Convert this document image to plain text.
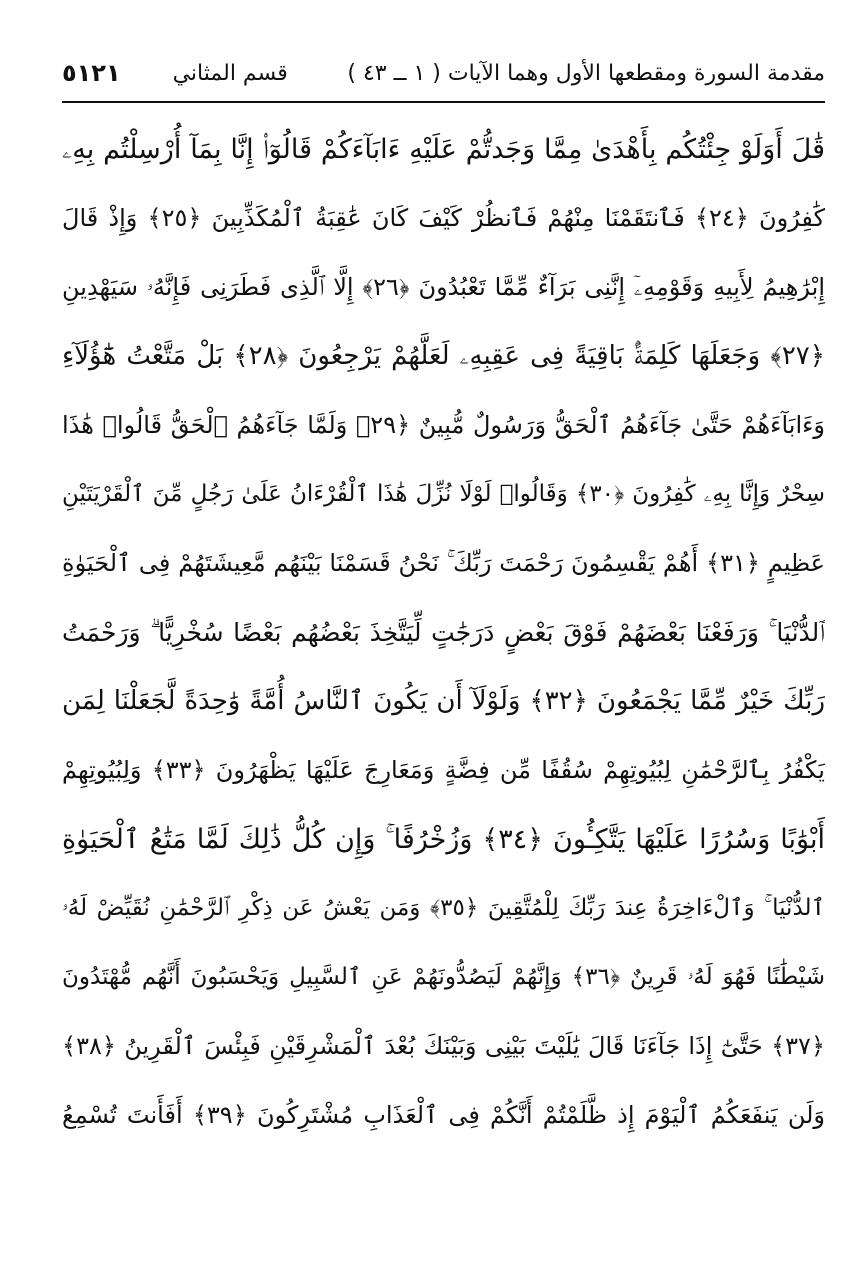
مقدمة السورة ومقطعها الأول وهما الآيات ( ١ ــ ٤٣ )
قسم المثاني
٥١٢١
قَٰلَ أَوَلَوْ جِئْتُكُم بِأَهْدَىٰ مِمَّا وَجَدتُّمْ عَلَيْهِ ءَابَآءَكُمْ قَالُوٓا۟ إِنَّا بِمَآ أُرْسِلْتُم بِهِۦ
كَٰفِرُونَ ﴿٢٤﴾ فَٱنتَقَمْنَا مِنْهُمْ فَٱنظُرْ كَيْفَ كَانَ عَٰقِبَةُ ٱلْمُكَذِّبِينَ ﴿٢٥﴾ وَإِذْ قَالَ
إِبْرَٰهِيمُ لِأَبِيهِ وَقَوْمِهِۦٓ إِنَّنِى بَرَآءٌ مِّمَّا تَعْبُدُونَ ﴿٢٦﴾ إِلَّا ٱلَّذِى فَطَرَنِى فَإِنَّهُۥ سَيَهْدِينِ
﴿٢٧﴾ وَجَعَلَهَا كَلِمَةًۢ بَاقِيَةً فِى عَقِبِهِۦ لَعَلَّهُمْ يَرْجِعُونَ ﴿٢٨﴾ بَلْ مَتَّعْتُ هَٰٓؤُلَآءِ
وَءَابَآءَهُمْ حَتَّىٰ جَآءَهُمُ ٱلْحَقُّ وَرَسُولٌ مُّبِينٌ ﴿٢٩﴾ وَلَمَّا جَآءَهُمُ ٱلْحَقُّ قَالُوا۟ هَٰذَا
سِحْرٌ وَإِنَّا بِهِۦ كَٰفِرُونَ ﴿٣٠﴾ وَقَالُوا۟ لَوْلَا نُزِّلَ هَٰذَا ٱلْقُرْءَانُ عَلَىٰ رَجُلٍ مِّنَ ٱلْقَرْيَتَيْنِ
عَظِيمٍ ﴿٣١﴾ أَهُمْ يَقْسِمُونَ رَحْمَتَ رَبِّكَ ۚ نَحْنُ قَسَمْنَا بَيْنَهُم مَّعِيشَتَهُمْ فِى ٱلْحَيَوٰةِ
ٱلدُّنْيَا ۚ وَرَفَعْنَا بَعْضَهُمْ فَوْقَ بَعْضٍ دَرَجَٰتٍ لِّيَتَّخِذَ بَعْضُهُم بَعْضًا سُخْرِيًّا ۗ وَرَحْمَتُ
رَبِّكَ خَيْرٌ مِّمَّا يَجْمَعُونَ ﴿٣٢﴾ وَلَوْلَآ أَن يَكُونَ ٱلنَّاسُ أُمَّةً وَٰحِدَةً لَّجَعَلْنَا لِمَن
يَكْفُرُ بِٱلرَّحْمَٰنِ لِبُيُوتِهِمْ سُقُفًا مِّن فِضَّةٍ وَمَعَارِجَ عَلَيْهَا يَظْهَرُونَ ﴿٣٣﴾ وَلِبُيُوتِهِمْ
أَبْوَٰبًا وَسُرُرًا عَلَيْهَا يَتَّكِـُٔونَ ﴿٣٤﴾ وَزُخْرُفًا ۚ وَإِن كُلُّ ذَٰلِكَ لَمَّا مَتَٰعُ ٱلْحَيَوٰةِ
ٱلدُّنْيَا ۚ وَٱلْءَاخِرَةُ عِندَ رَبِّكَ لِلْمُتَّقِينَ ﴿٣٥﴾ وَمَن يَعْشُ عَن ذِكْرِ ٱلرَّحْمَٰنِ نُقَيِّضْ لَهُۥ
شَيْطَٰنًا فَهُوَ لَهُۥ قَرِينٌ ﴿٣٦﴾ وَإِنَّهُمْ لَيَصُدُّونَهُمْ عَنِ ٱلسَّبِيلِ وَيَحْسَبُونَ أَنَّهُم مُّهْتَدُونَ
﴿٣٧﴾ حَتَّىٰٓ إِذَا جَآءَنَا قَالَ يَٰلَيْتَ بَيْنِى وَبَيْنَكَ بُعْدَ ٱلْمَشْرِقَيْنِ فَبِئْسَ ٱلْقَرِينُ ﴿٣٨﴾
وَلَن يَنفَعَكُمُ ٱلْيَوْمَ إِذ ظَّلَمْتُمْ أَنَّكُمْ فِى ٱلْعَذَابِ مُشْتَرِكُونَ ﴿٣٩﴾ أَفَأَنتَ تُسْمِعُ
